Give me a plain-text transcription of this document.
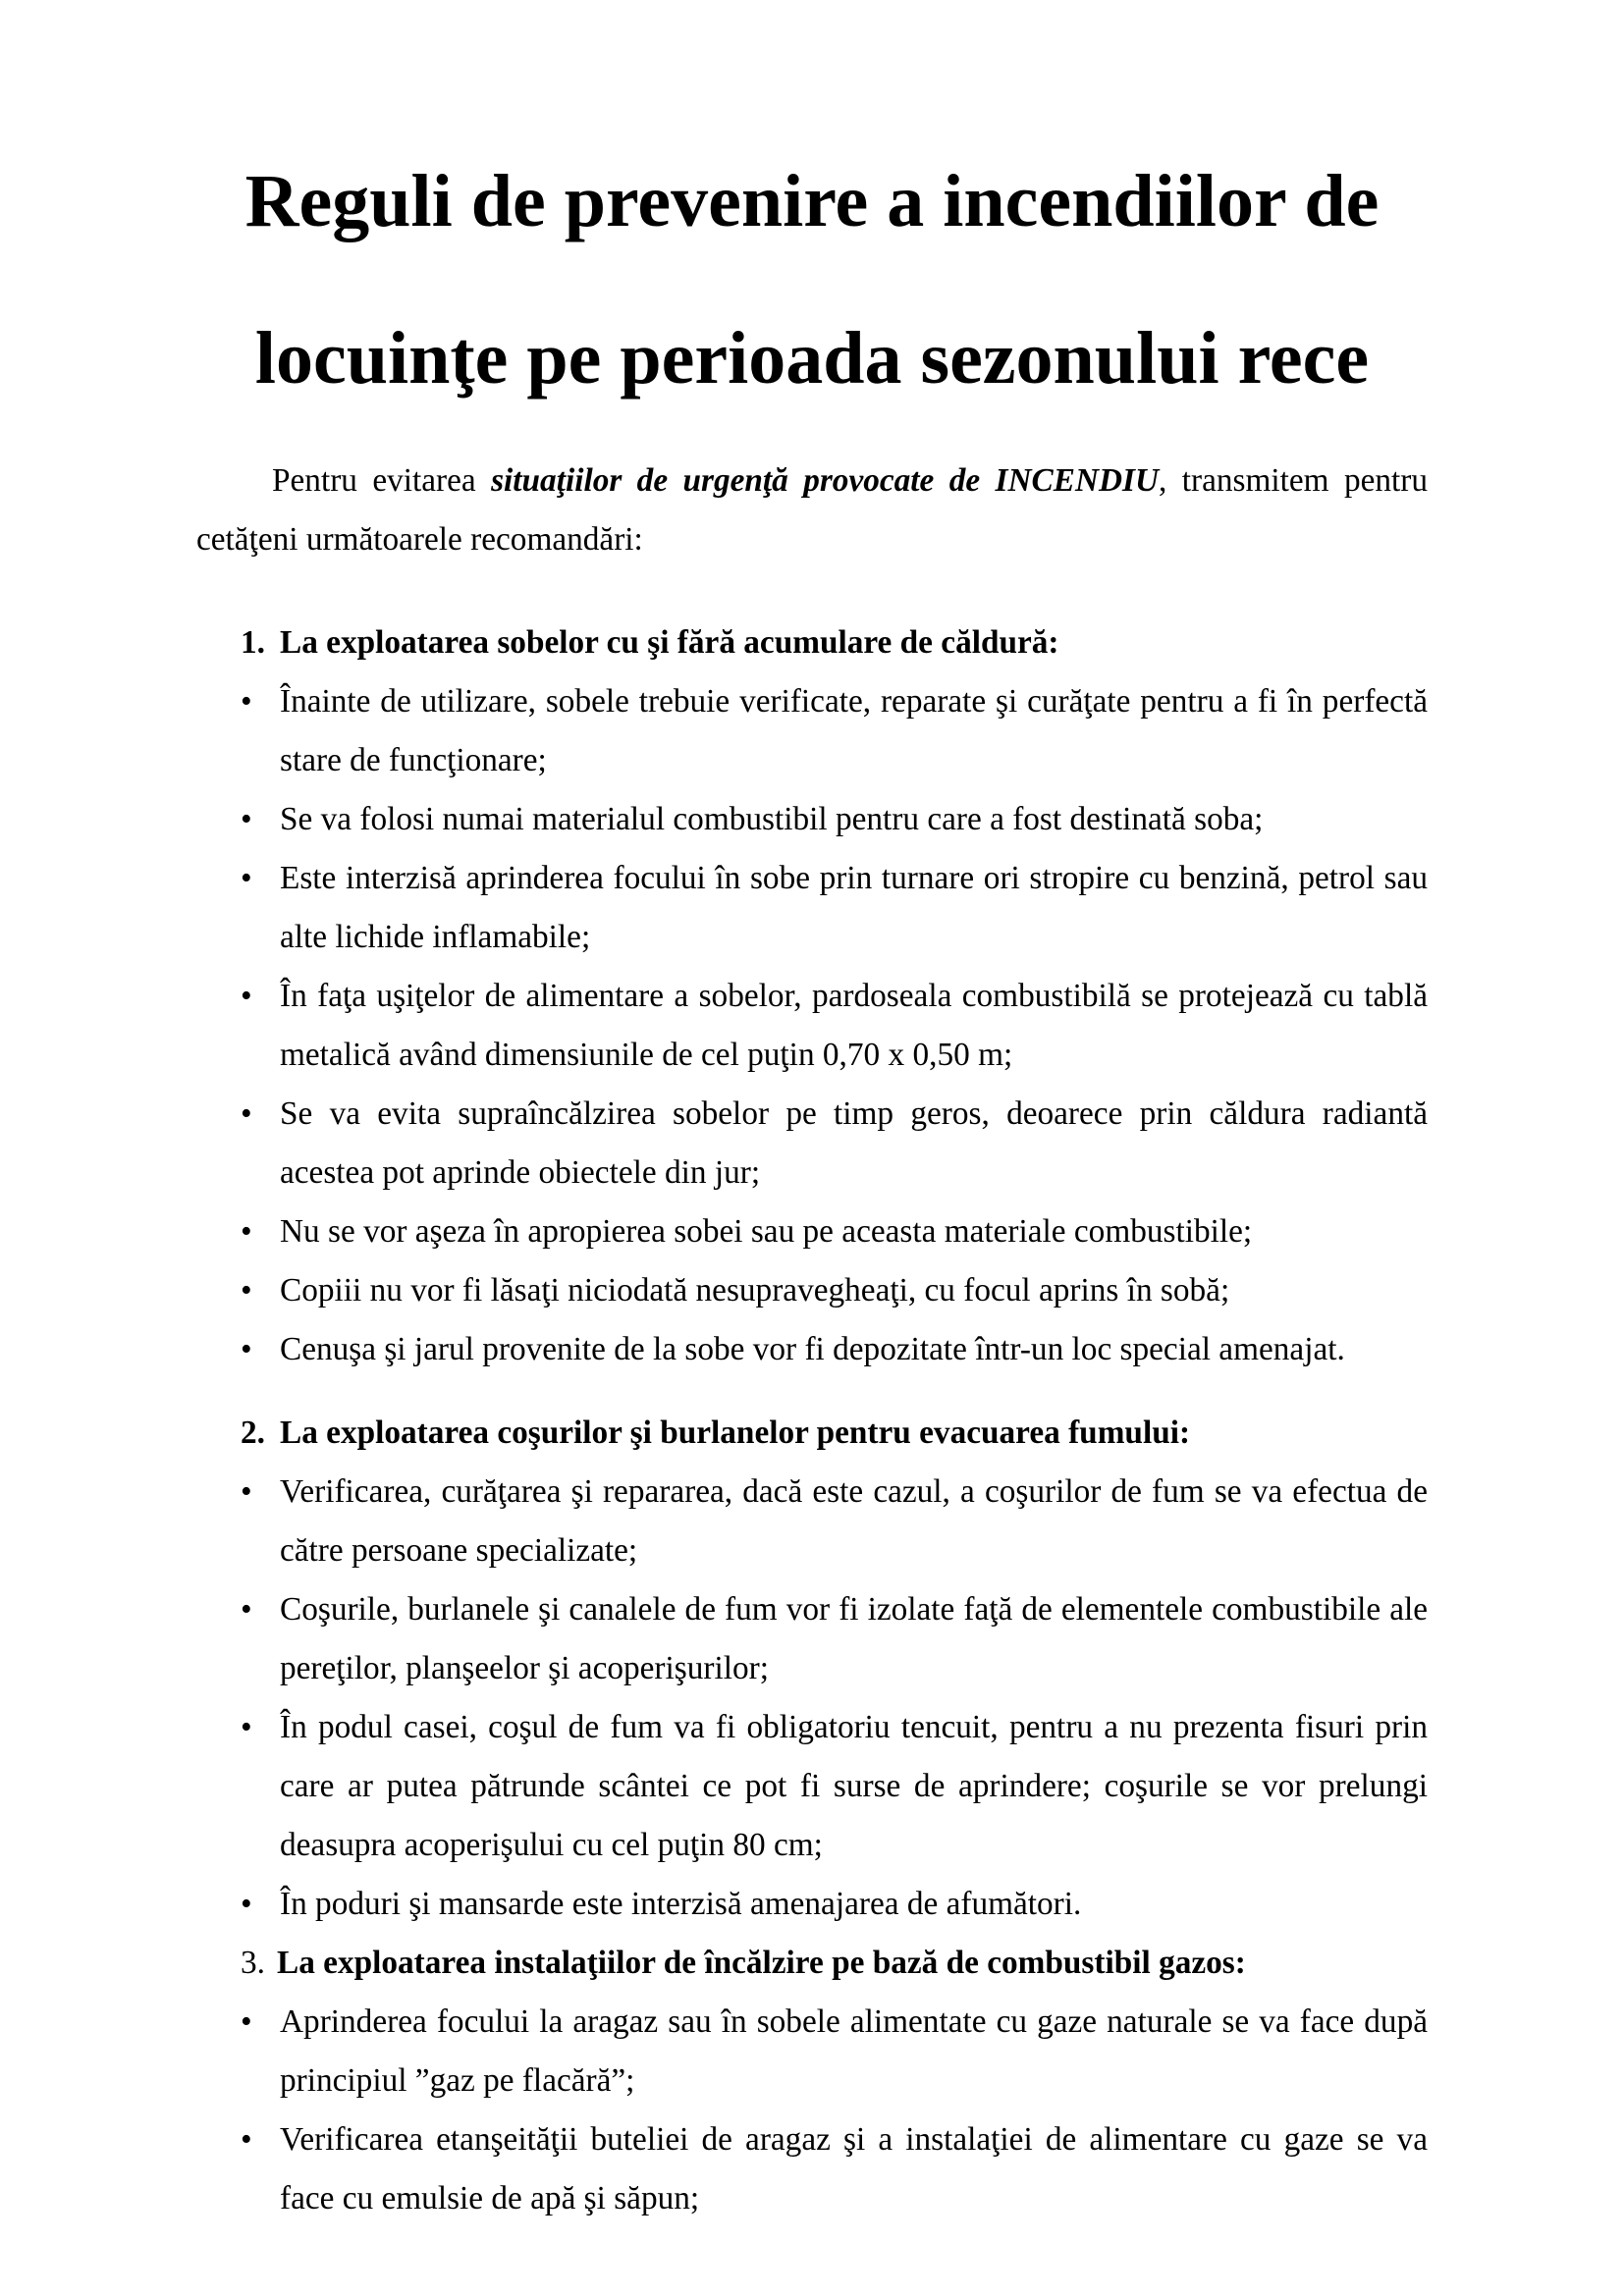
Reguli de prevenire a incendiilor de
locuinţe pe perioada sezonului rece

Pentru evitarea situaţiilor de urgenţă provocate de INCENDIU, transmitem pentru cetăţeni următoarele recomandări:

1. La exploatarea sobelor cu şi fără acumulare de căldură:

• Înainte de utilizare, sobele trebuie verificate, reparate şi curăţate pentru a fi în perfectă stare de funcţionare;
• Se va folosi numai materialul combustibil pentru care a fost destinată soba;
• Este interzisă aprinderea focului în sobe prin turnare ori stropire cu benzină, petrol sau alte lichide inflamabile;
• În faţa uşiţelor de alimentare a sobelor, pardoseala combustibilă se protejează cu tablă metalică având dimensiunile de cel puţin 0,70 x 0,50 m;
• Se va evita supraîncălzirea sobelor pe timp geros, deoarece prin căldura radiantă acestea pot aprinde obiectele din jur;
• Nu se vor aşeza în apropierea sobei sau pe aceasta materiale combustibile;
• Copiii nu vor fi lăsaţi niciodată nesupravegheaţi, cu focul aprins în sobă;
• Cenuşa şi jarul provenite de la sobe vor fi depozitate într-un loc special amenajat.

2. La exploatarea coşurilor şi burlanelor pentru evacuarea fumului:

• Verificarea, curăţarea şi repararea, dacă este cazul, a coşurilor de fum se va efectua de către persoane specializate;
• Coşurile, burlanele şi canalele de fum vor fi izolate faţă de elementele combustibile ale pereţilor, planşeelor şi acoperişurilor;
• În podul casei, coşul de fum va fi obligatoriu tencuit, pentru a nu prezenta fisuri prin care ar putea pătrunde scântei ce pot fi surse de aprindere; coşurile se vor prelungi deasupra acoperişului cu cel puţin 80 cm;
• În poduri şi mansarde este interzisă amenajarea de afumători.

3. La exploatarea instalaţiilor de încălzire pe bază de combustibil gazos:

• Aprinderea focului la aragaz sau în sobele alimentate cu gaze naturale se va face după principiul ”gaz pe flacără”;
• Verificarea etanşeităţii buteliei de aragaz şi a instalaţiei de alimentare cu gaze se va face cu emulsie de apă şi săpun;
